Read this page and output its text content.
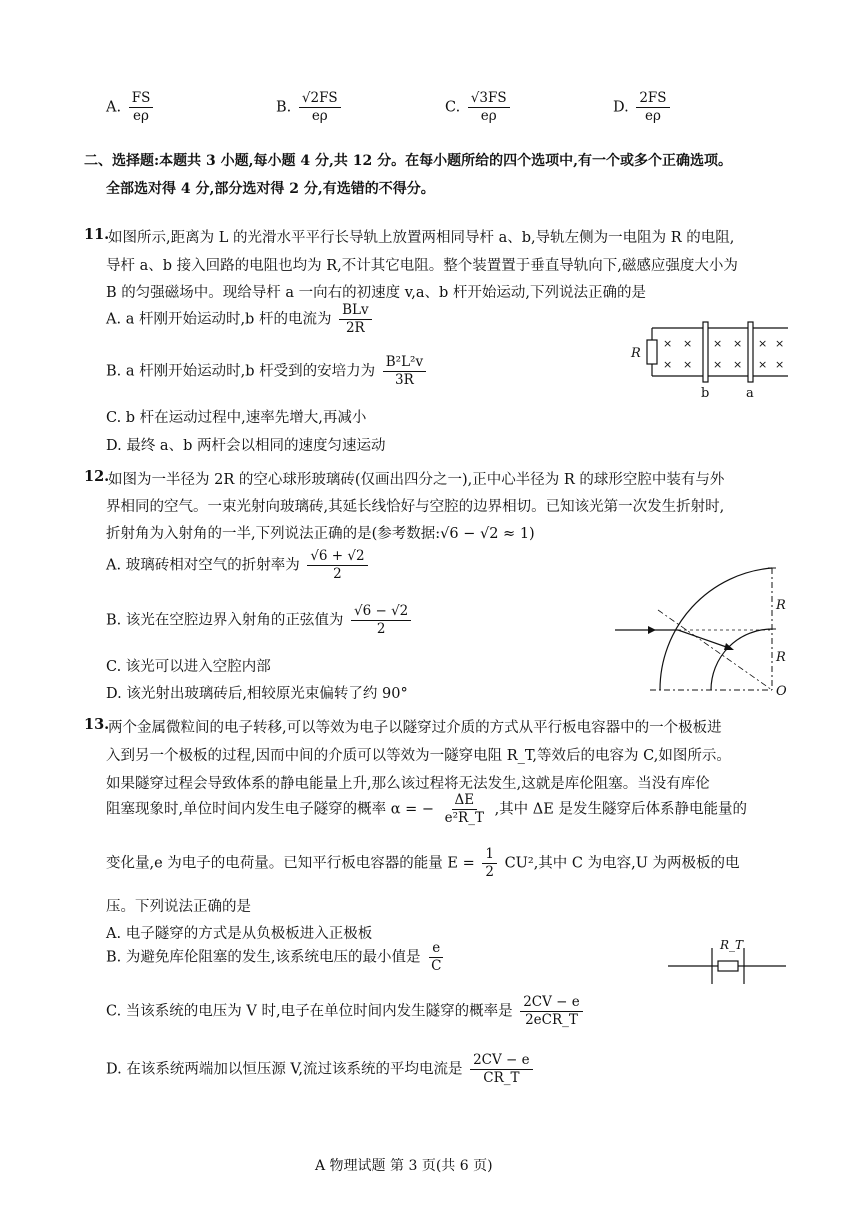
A. $\frac{FS}{e\rho}$	B. $\frac{√2FS}{e\rho}$	C. $\frac{√3FS}{e\rho}$	D. $\frac{2FS}{e\rho}$
二、选择题:本题共 3 小题,每小题 4 分,共 12 分。在每小题所给的四个选项中,有一个或多个正确选项。
全部选对得 4 分,部分选对得 2 分,有选错的不得分。
11.
如图所示,距离为 L 的光滑水平平行长导轨上放置两相同导杆 a、b,导轨左侧为一电阻为 R 的电阻,
导杆 a、b 接入回路的电阻也均为 R,不计其它电阻。整个装置置于垂直导轨向下,磁感应强度大小为
B 的匀强磁场中。现给导杆 a 一向右的初速度 v,a、b 杆开始运动,下列说法正确的是
A. a 杆刚开始运动时,b 杆的电流为 $\frac{\text{BLv}}{2R}$
B. a 杆刚开始运动时,b 杆受到的安培力为 $\frac{\text{B²L²v}}{3R}$
C. b 杆在运动过程中,速率先增大,再减小
D. 最终 a、b 两杆会以相同的速度匀速运动
× × × × × ×
× × × × × ×
R
b	a
12.
如图为一半径为 2R 的空心球形玻璃砖(仅画出四分之一),正中心半径为 R 的球形空腔中装有与外
界相同的空气。一束光射向玻璃砖,其延长线恰好与空腔的边界相切。已知该光第一次发生折射时,
折射角为入射角的一半,下列说法正确的是(参考数据:√6 − √2 ≈ 1)
A. 玻璃砖相对空气的折射率为 $\frac{√6 + √2}{2}$
B. 该光在空腔边界入射角的正弦值为 $\frac{√6 - √2}{2}$
C. 该光可以进入空腔内部
D. 该光射出玻璃砖后,相较原光束偏转了约 90°
R
R
O
13.
两个金属微粒间的电子转移,可以等效为电子以隧穿过介质的方式从平行板电容器中的一个极板进
入到另一个极板的过程,因而中间的介质可以等效为一隧穿电阻 R_T,等效后的电容为 C,如图所示。
如果隧穿过程会导致体系的静电能量上升,那么该过程将无法发生,这就是库伦阻塞。当没有库伦
阻塞现象时,单位时间内发生电子隧穿的概率 α = − $\frac{\Delta E}{\text{e²R\_T}}$ ,其中 ΔE 是发生隧穿后体系静电能量的
变化量,e 为电子的电荷量。已知平行板电容器的能量 $E = \frac{1}{2} CU^2$,其中 C 为电容,U 为两极板的电
压。下列说法正确的是
A. 电子隧穿的方式是从负极板进入正极板
B. 为避免库伦阻塞的发生,该系统电压的最小值是 $\frac{e}{C}$
C. 当该系统的电压为 V 时,电子在单位时间内发生隧穿的概率是 $\frac{2CV - e}{\text{2eCR\_T}}$
D. 在该系统两端加以恒压源 V,流过该系统的平均电流是 $\frac{2CV - e}{CR\_T}$
R_T
A 物理试题 第 3 页(共 6 页)
